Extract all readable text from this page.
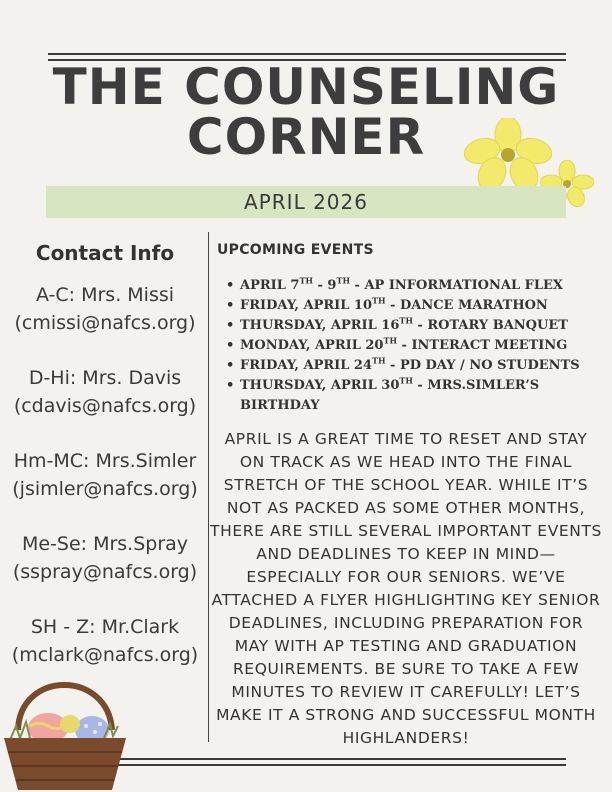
THE COUNSELING
CORNER
APRIL 2026
Contact Info
A-C: Mrs. Missi
(cmissi@nafcs.org)
D-Hi: Mrs. Davis
(cdavis@nafcs.org)
Hm-MC: Mrs.Simler
(jsimler@nafcs.org)
Me-Se: Mrs.Spray
(sspray@nafcs.org)
SH - Z: Mr.Clark
(mclark@nafcs.org)
UPCOMING EVENTS
• APRIL 7TH - 9TH - AP INFORMATIONAL FLEX
• FRIDAY, APRIL 10TH - DANCE MARATHON
• THURSDAY, APRIL 16TH - ROTARY BANQUET
• MONDAY, APRIL 20TH - INTERACT MEETING
• FRIDAY, APRIL 24TH - PD DAY / NO STUDENTS
• THURSDAY, APRIL 30TH - MRS.SIMLER’S BIRTHDAY

APRIL IS A GREAT TIME TO RESET AND STAY ON TRACK AS WE HEAD INTO THE FINAL STRETCH OF THE SCHOOL YEAR. WHILE IT’S NOT AS PACKED AS SOME OTHER MONTHS, THERE ARE STILL SEVERAL IMPORTANT EVENTS AND DEADLINES TO KEEP IN MIND—ESPECIALLY FOR OUR SENIORS. WE’VE ATTACHED A FLYER HIGHLIGHTING KEY SENIOR DEADLINES, INCLUDING PREPARATION FOR MAY WITH AP TESTING AND GRADUATION REQUIREMENTS. BE SURE TO TAKE A FEW MINUTES TO REVIEW IT CAREFULLY! LET’S MAKE IT A STRONG AND SUCCESSFUL MONTH HIGHLANDERS!
